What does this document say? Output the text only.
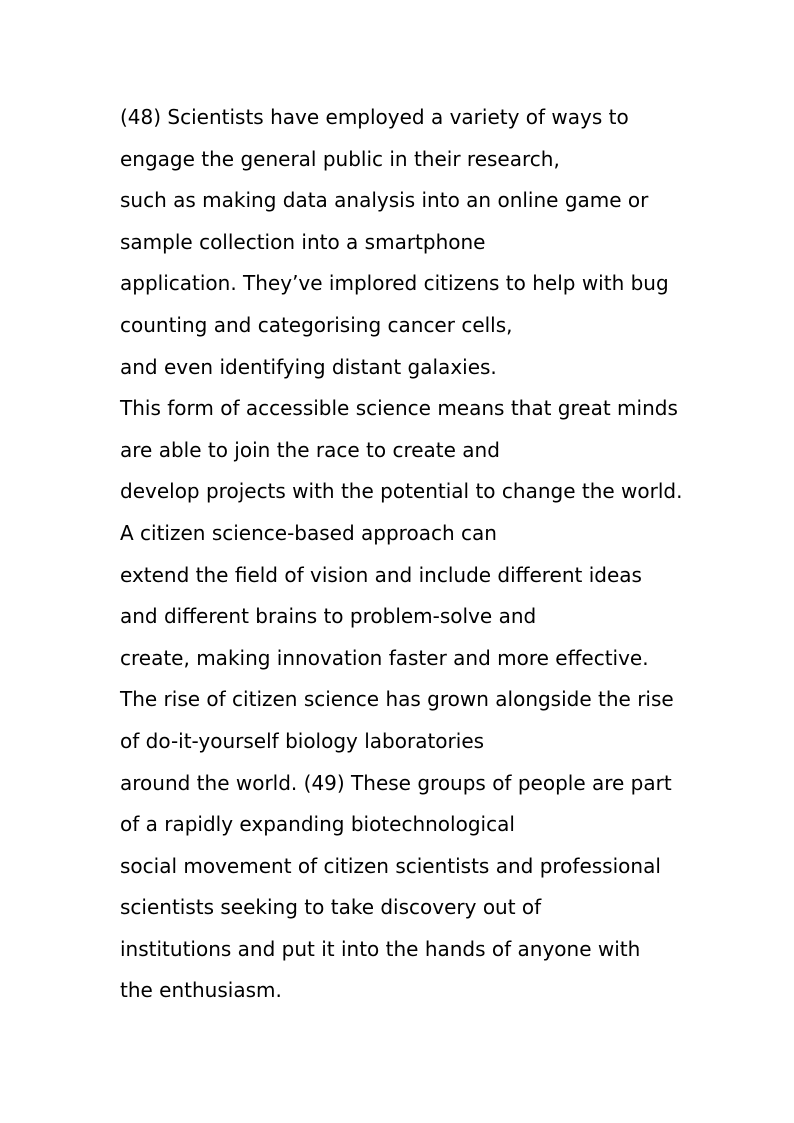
(48) Scientists have employed a variety of ways to
engage the general public in their research,
such as making data analysis into an online game or
sample collection into a smartphone
application. They’ve implored citizens to help with bug
counting and categorising cancer cells,
and even identifying distant galaxies.
This form of accessible science means that great minds
are able to join the race to create and
develop projects with the potential to change the world.
A citizen science-based approach can
extend the field of vision and include different ideas
and different brains to problem-solve and
create, making innovation faster and more effective.
The rise of citizen science has grown alongside the rise
of do-it-yourself biology laboratories
around the world. (49) These groups of people are part
of a rapidly expanding biotechnological
social movement of citizen scientists and professional
scientists seeking to take discovery out of
institutions and put it into the hands of anyone with
the enthusiasm.
